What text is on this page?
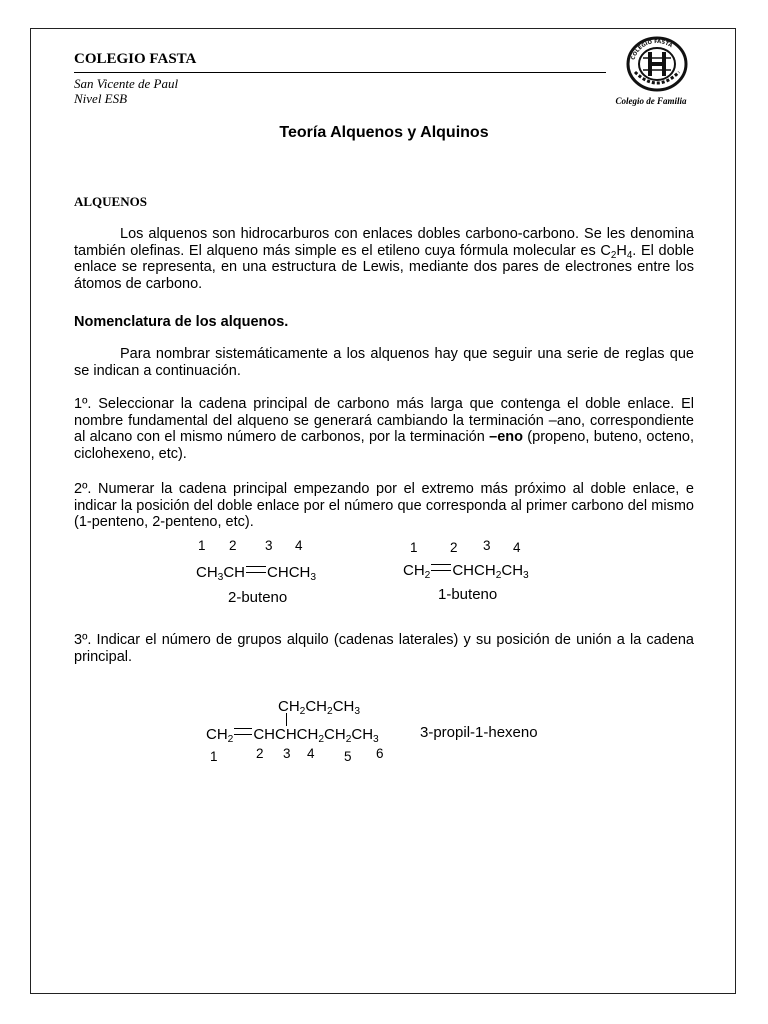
COLEGIO FASTA
San Vicente de Paul
Nivel ESB	Colegio de Familia
COLEGIO FASTA
Teoría Alquenos y Alquinos
ALQUENOS
Los alquenos son hidrocarburos con enlaces dobles carbono-carbono. Se les denomina también olefinas. El alqueno más simple es el etileno cuya fórmula molecular es $C_2H_4$. El doble enlace se representa, en una estructura de Lewis, mediante dos pares de electrones entre los átomos de carbono.
Nomenclatura de los alquenos.
Para nombrar sistemáticamente a los alquenos hay que seguir una serie de reglas que se indican a continuación.
1º. Seleccionar la cadena principal de carbono más larga que contenga el doble enlace. El nombre fundamental del alqueno se generará cambiando la terminación –ano, correspondiente al alcano con el mismo número de carbonos, por la terminación –eno (propeno, buteno, octeno, ciclohexeno, etc).
2º. Numerar la cadena principal empezando por el extremo más próximo al doble enlace, e indicar la posición del doble enlace por el número que corresponda al primer carbono del mismo (1-penteno, 2-penteno, etc).
1 2 3 4
$CH_3CH$ $CHCH_3$
2-buteno
1 2 3 4
$CH_2$ $CHCH_2CH_3$
1-buteno
3º. Indicar el número de grupos alquilo (cadenas laterales) y su posición de unión a la cadena principal.
$CH_2CH_2CH_3$
$CH_2$ $CHCHCH_2CH_2CH_3$	3-propil-1-hexeno
1	2 3 4 5 6
